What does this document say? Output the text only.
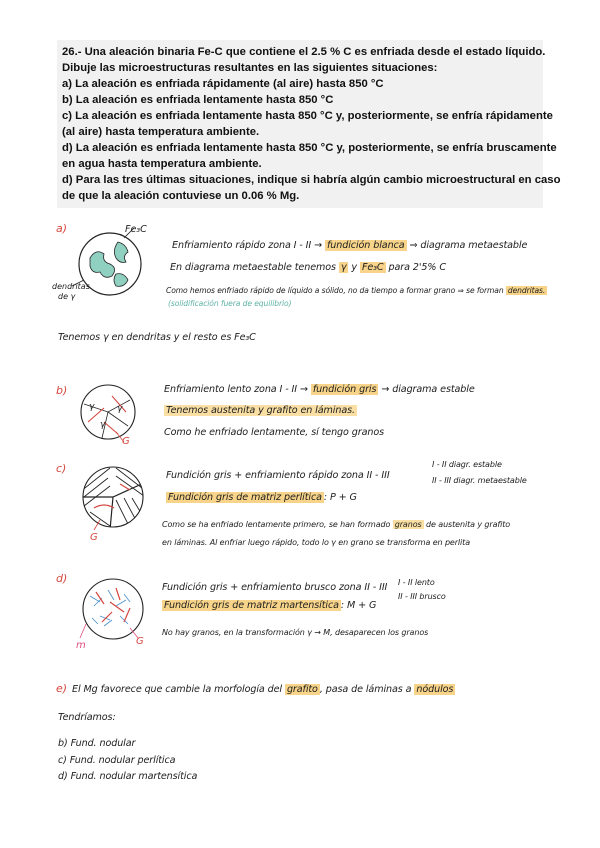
26.- Una aleación binaria Fe-C que contiene el 2.5 % C es enfriada desde el estado líquido.
Dibuje las microestructuras resultantes en las siguientes situaciones:
a) La aleación es enfriada rápidamente (al aire) hasta 850 °C
b) La aleación es enfriada lentamente hasta 850 °C
c) La aleación es enfriada lentamente hasta 850 °C y, posteriormente, se enfría rápidamente
(al aire) hasta temperatura ambiente.
d) La aleación es enfriada lentamente hasta 850 °C y, posteriormente, se enfría bruscamente
en agua hasta temperatura ambiente.
d) Para las tres últimas situaciones, indique si habría algún cambio microestructural en caso
de que la aleación contuviese un 0.06 % Mg.
a)	Fe₃C
dendritas
de γ
Enfriamiento rápido zona I - II → fundición blanca ⇒ diagrama metaestable
En diagrama metaestable tenemos γ y Fe₃C para 2'5% C
Como hemos enfriado rápido de líquido a sólido, no da tiempo a formar grano ⇒ se forman dendritas.
(solidificación fuera de equilibrio)
Tenemos γ en dendritas y el resto es Fe₃C
b)
γ	γ
γ
G
Enfriamiento lento zona I - II → fundición gris → diagrama estable
Tenemos austenita y grafito en láminas.
Como he enfriado lentamente, sí tengo granos
c)
G
Fundición gris + enfriamiento rápido zona II - III
I - II diagr. estable
II - III diagr. metaestable
Fundición gris de matriz perlítica : P + G
Como se ha enfriado lentamente primero, se han formado granos de austenita y grafito
en láminas. Al enfriar luego rápido, todo lo γ en grano se transforma en perlita
d)
m	G
Fundición gris + enfriamiento brusco zona II - III I - II lento
II - III brusco
Fundición gris de matriz martensítica : M + G
No hay granos, en la transformación γ → M, desaparecen los granos
e) El Mg favorece que cambie la morfología del grafito , pasa de láminas a nódulos
Tendríamos:
b) Fund. nodular
c) Fund. nodular perlítica
d) Fund. nodular martensítica
